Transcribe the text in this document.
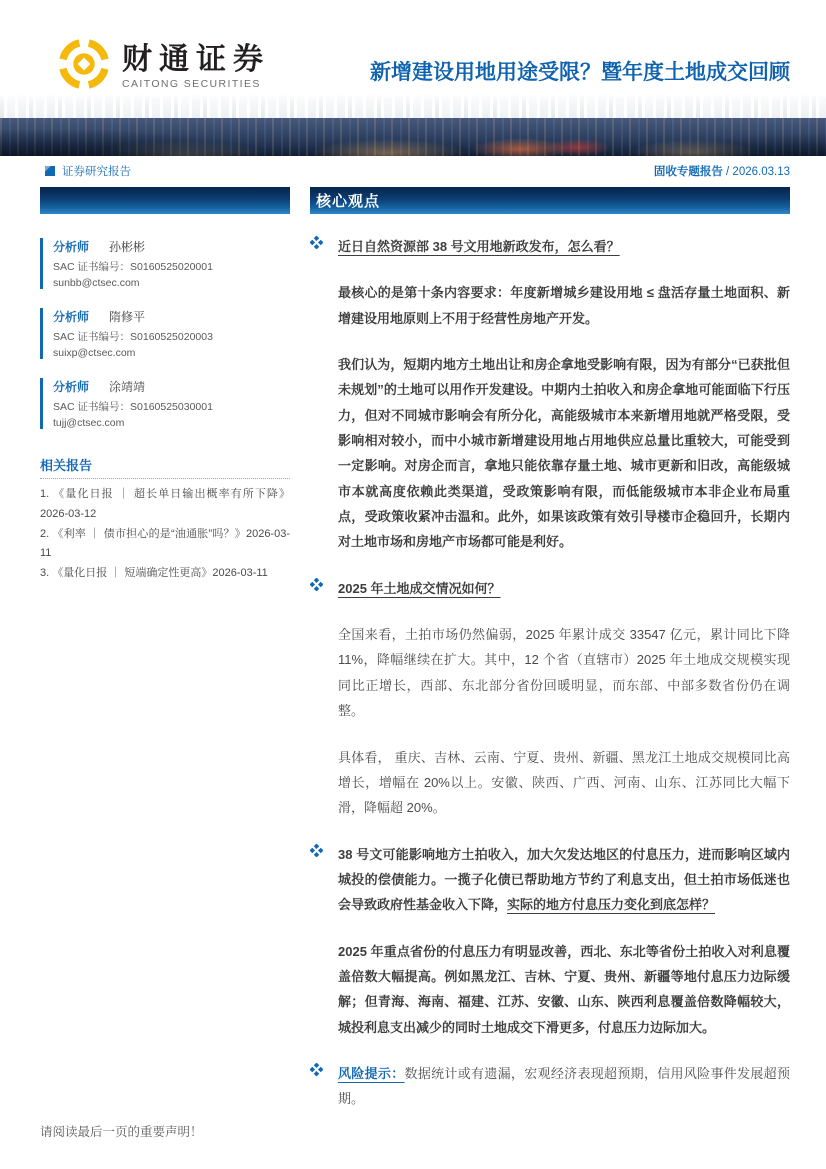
财通证券
CAITONG SECURITIES	新增建设用地用途受限？暨年度土地成交回顾
证券研究报告	固收专题报告 / 2026.03.13
核心观点
分析师 孙彬彬
SAC 证书编号：S0160525020001
sunbb@ctsec.com
分析师 隋修平
SAC 证书编号：S0160525020003
suixp@ctsec.com
分析师 涂靖靖
SAC 证书编号：S0160525030001
tujj@ctsec.com
相关报告
1. 《量化日报 ｜ 超长单日输出概率有所下降》 2026-03-12
2. 《利率 ｜ 债市担心的是“油通胀”吗？》2026-03-11
3. 《量化日报 ｜ 短端确定性更高》2026-03-11
近日自然资源部 38 号文用地新政发布，怎么看？
最核心的是第十条内容要求：年度新增城乡建设用地 ≤ 盘活存量土地面积、新增建设用地原则上不用于经营性房地产开发。
我们认为，短期内地方土地出让和房企拿地受影响有限，因为有部分“已获批但未规划”的土地可以用作开发建设。中期内土拍收入和房企拿地可能面临下行压力，但对不同城市影响会有所分化，高能级城市本来新增用地就严格受限，受影响相对较小，而中小城市新增建设用地占用地供应总量比重较大，可能受到一定影响。对房企而言，拿地只能依靠存量土地、城市更新和旧改，高能级城市本就高度依赖此类渠道，受政策影响有限，而低能级城市本非企业布局重点，受政策收紧冲击温和。此外，如果该政策有效引导楼市企稳回升，长期内对土地市场和房地产市场都可能是利好。
2025 年土地成交情况如何？
全国来看，土拍市场仍然偏弱，2025 年累计成交 33547 亿元，累计同比下降 11%，降幅继续在扩大。其中，12 个省（直辖市）2025 年土地成交规模实现同比正增长，西部、东北部分省份回暖明显，而东部、中部多数省份仍在调整。
具体看， 重庆、吉林、云南、宁夏、贵州、新疆、黑龙江土地成交规模同比高增长，增幅在 20%以上。安徽、陕西、广西、河南、山东、江苏同比大幅下滑，降幅超 20%。
38 号文可能影响地方土拍收入，加大欠发达地区的付息压力，进而影响区域内城投的偿债能力。一揽子化债已帮助地方节约了利息支出，但土拍市场低迷也会导致政府性基金收入下降，实际的地方付息压力变化到底怎样？
2025 年重点省份的付息压力有明显改善，西北、东北等省份土拍收入对利息覆盖倍数大幅提高。例如黑龙江、吉林、宁夏、贵州、新疆等地付息压力边际缓解；但青海、海南、福建、江苏、安徽、山东、陕西利息覆盖倍数降幅较大，城投利息支出减少的同时土地成交下滑更多，付息压力边际加大。
风险提示：数据统计或有遗漏，宏观经济表现超预期，信用风险事件发展超预期。
请阅读最后一页的重要声明！
